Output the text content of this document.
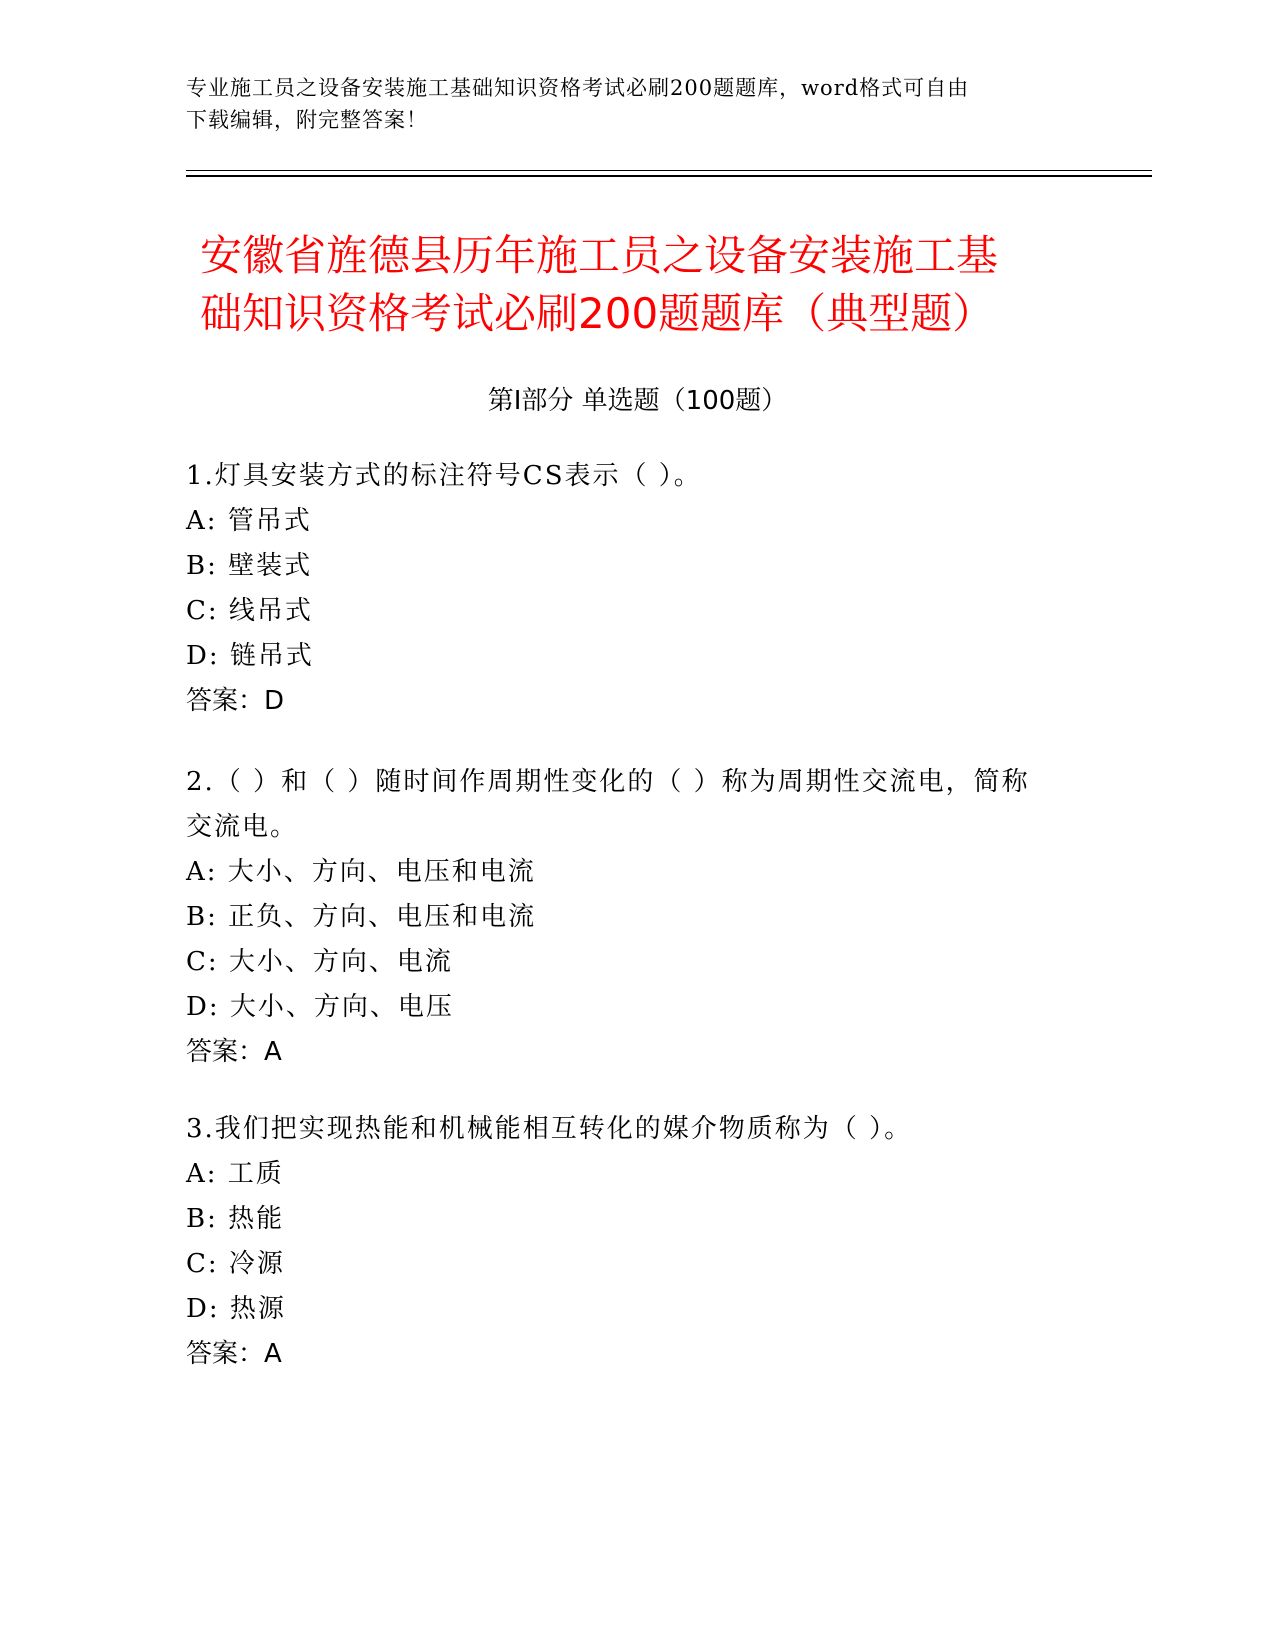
专业施工员之设备安装施工基础知识资格考试必刷200题题库，word格式可自由
下载编辑，附完整答案！
安徽省旌德县历年施工员之设备安装施工基
础知识资格考试必刷200题题库（典型题）
第Ⅰ部分 单选题（100题）
1.灯具安装方式的标注符号CS表示（ ）。
A: 管吊式
B: 壁装式
C: 线吊式
D: 链吊式
答案：D
2.（ ）和（ ）随时间作周期性变化的（ ）称为周期性交流电，简称
交流电。
A: 大小、方向、电压和电流
B: 正负、方向、电压和电流
C: 大小、方向、电流
D: 大小、方向、电压
答案：A
3.我们把实现热能和机械能相互转化的媒介物质称为（ ）。
A: 工质
B: 热能
C: 冷源
D: 热源
答案：A
